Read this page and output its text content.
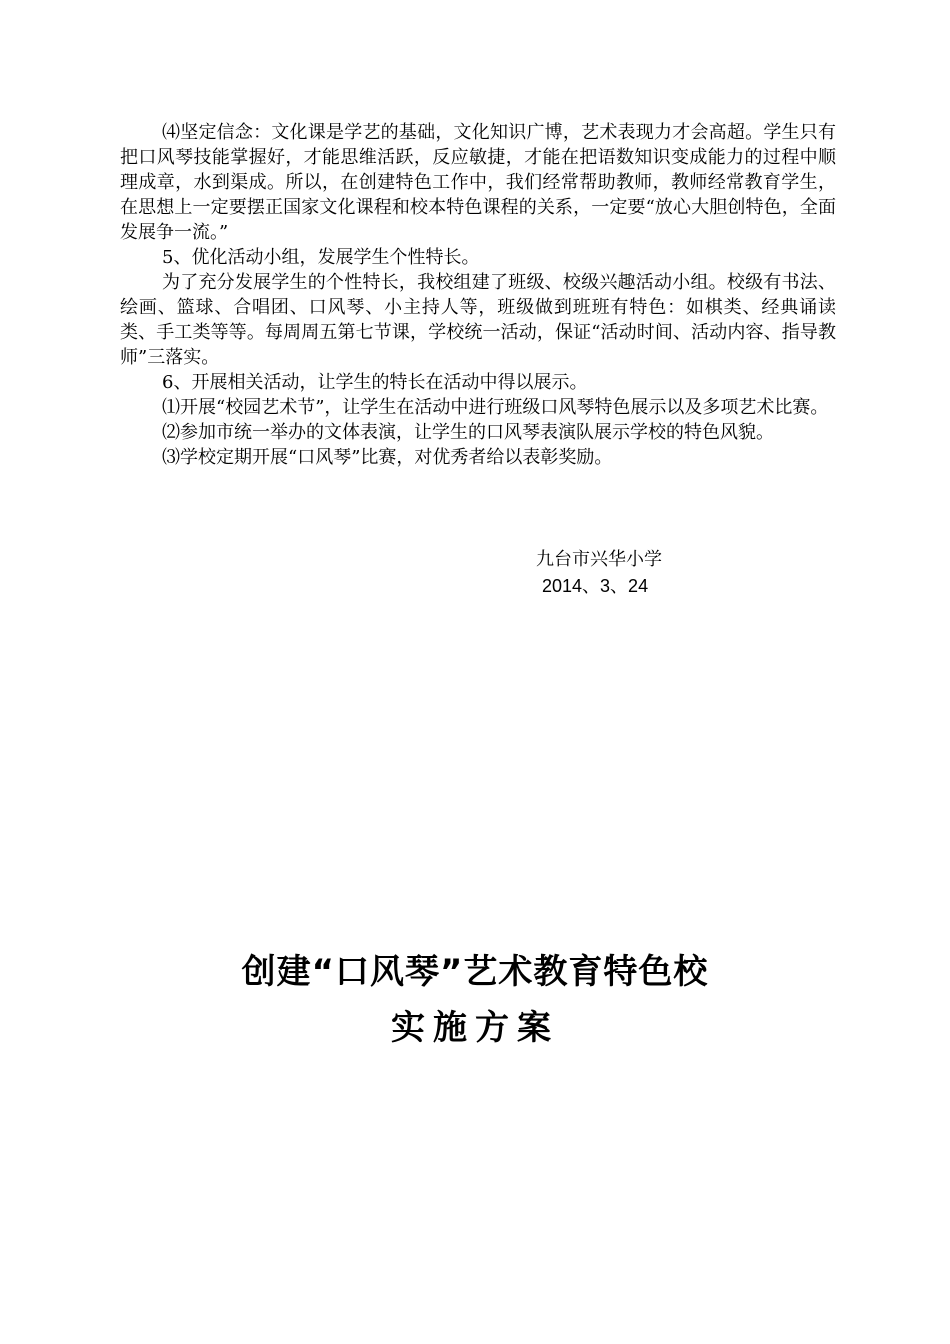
⑷坚定信念：文化课是学艺的基础，文化知识广博，艺术表现力才会高超。学生只有把口风琴技能掌握好，才能思维活跃，反应敏捷，才能在把语数知识变成能力的过程中顺理成章，水到渠成。所以，在创建特色工作中，我们经常帮助教师，教师经常教育学生，在思想上一定要摆正国家文化课程和校本特色课程的关系，一定要“放心大胆创特色，全面发展争一流。”

5、优化活动小组，发展学生个性特长。

为了充分发展学生的个性特长，我校组建了班级、校级兴趣活动小组。校级有书法、绘画、篮球、合唱团、口风琴、小主持人等，班级做到班班有特色：如棋类、经典诵读类、手工类等等。每周周五第七节课，学校统一活动，保证“活动时间、活动内容、指导教师”三落实。

6、开展相关活动，让学生的特长在活动中得以展示。

⑴开展“校园艺术节”，让学生在活动中进行班级口风琴特色展示以及多项艺术比赛。

⑵参加市统一举办的文体表演，让学生的口风琴表演队展示学校的特色风貌。

⑶学校定期开展“口风琴”比赛，对优秀者给以表彰奖励。

九台市兴华小学
2014、3、24
创建“口风琴”艺术教育特色校
实施方案
